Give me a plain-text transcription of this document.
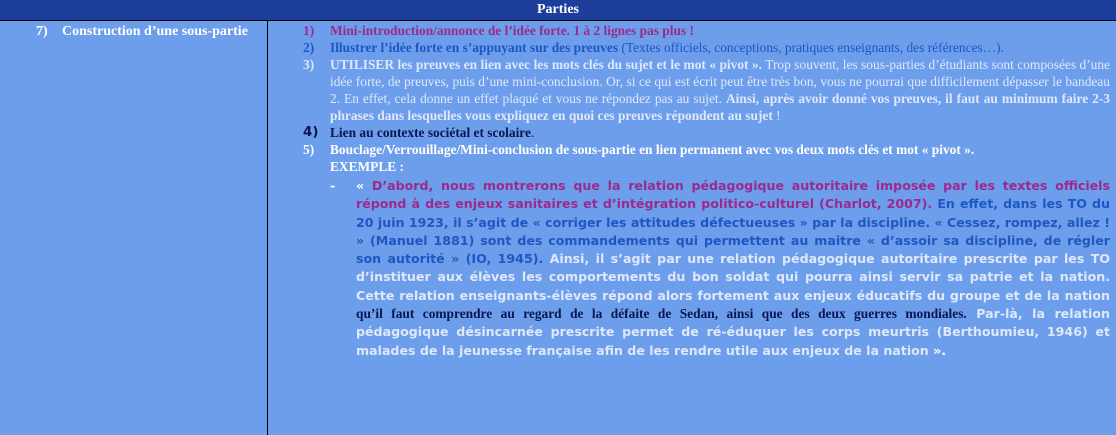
Parties
7) Construction d’une sous-partie	1) Mini-introduction/annonce de l’idée forte. 1 à 2 lignes pas plus !
2) Illustrer l’idée forte en s’appuyant sur des preuves (Textes officiels, conceptions, pratiques enseignants, des références…).
3) UTILISER les preuves en lien avec les mots clés du sujet et le mot « pivot ». Trop souvent, les sous-parties d’étudiants sont composées d’une idée forte, de preuves, puis d’une mini-conclusion. Or, si ce qui est écrit peut être très bon, vous ne pourrai que difficilement dépasser le bandeau 2. En effet, cela donne un effet plaqué et vous ne répondez pas au sujet. Ainsi, après avoir donné vos preuves, il faut au minimum faire 2-3 phrases dans lesquelles vous expliquez en quoi ces preuves répondent au sujet !
4) Lien au contexte sociétal et scolaire.
5) Bouclage/Verrouillage/Mini-conclusion de sous-partie en lien permanent avec vos deux mots clés et mot « pivot ».
EXEMPLE :
- « D’abord, nous montrerons que la relation pédagogique autoritaire imposée par les textes officiels répond à des enjeux sanitaires et d’intégration politico-culturel (Charlot, 2007). En effet, dans les TO du 20 juin 1923, il s’agit de « corriger les attitudes défectueuses » par la discipline. « Cessez, rompez, allez ! » (Manuel 1881) sont des commandements qui permettent au maitre « d’assoir sa discipline, de régler son autorité » (IO, 1945). Ainsi, il s’agit par une relation pédagogique autoritaire prescrite par les TO d’instituer aux élèves les comportements du bon soldat qui pourra ainsi servir sa patrie et la nation. Cette relation enseignants-élèves répond alors fortement aux enjeux éducatifs du groupe et de la nation qu’il faut comprendre au regard de la défaite de Sedan, ainsi que des deux guerres mondiales. Par-là, la relation pédagogique désincarnée prescrite permet de ré-éduquer les corps meurtris (Berthoumieu, 1946) et malades de la jeunesse française afin de les rendre utile aux enjeux de la nation ».
